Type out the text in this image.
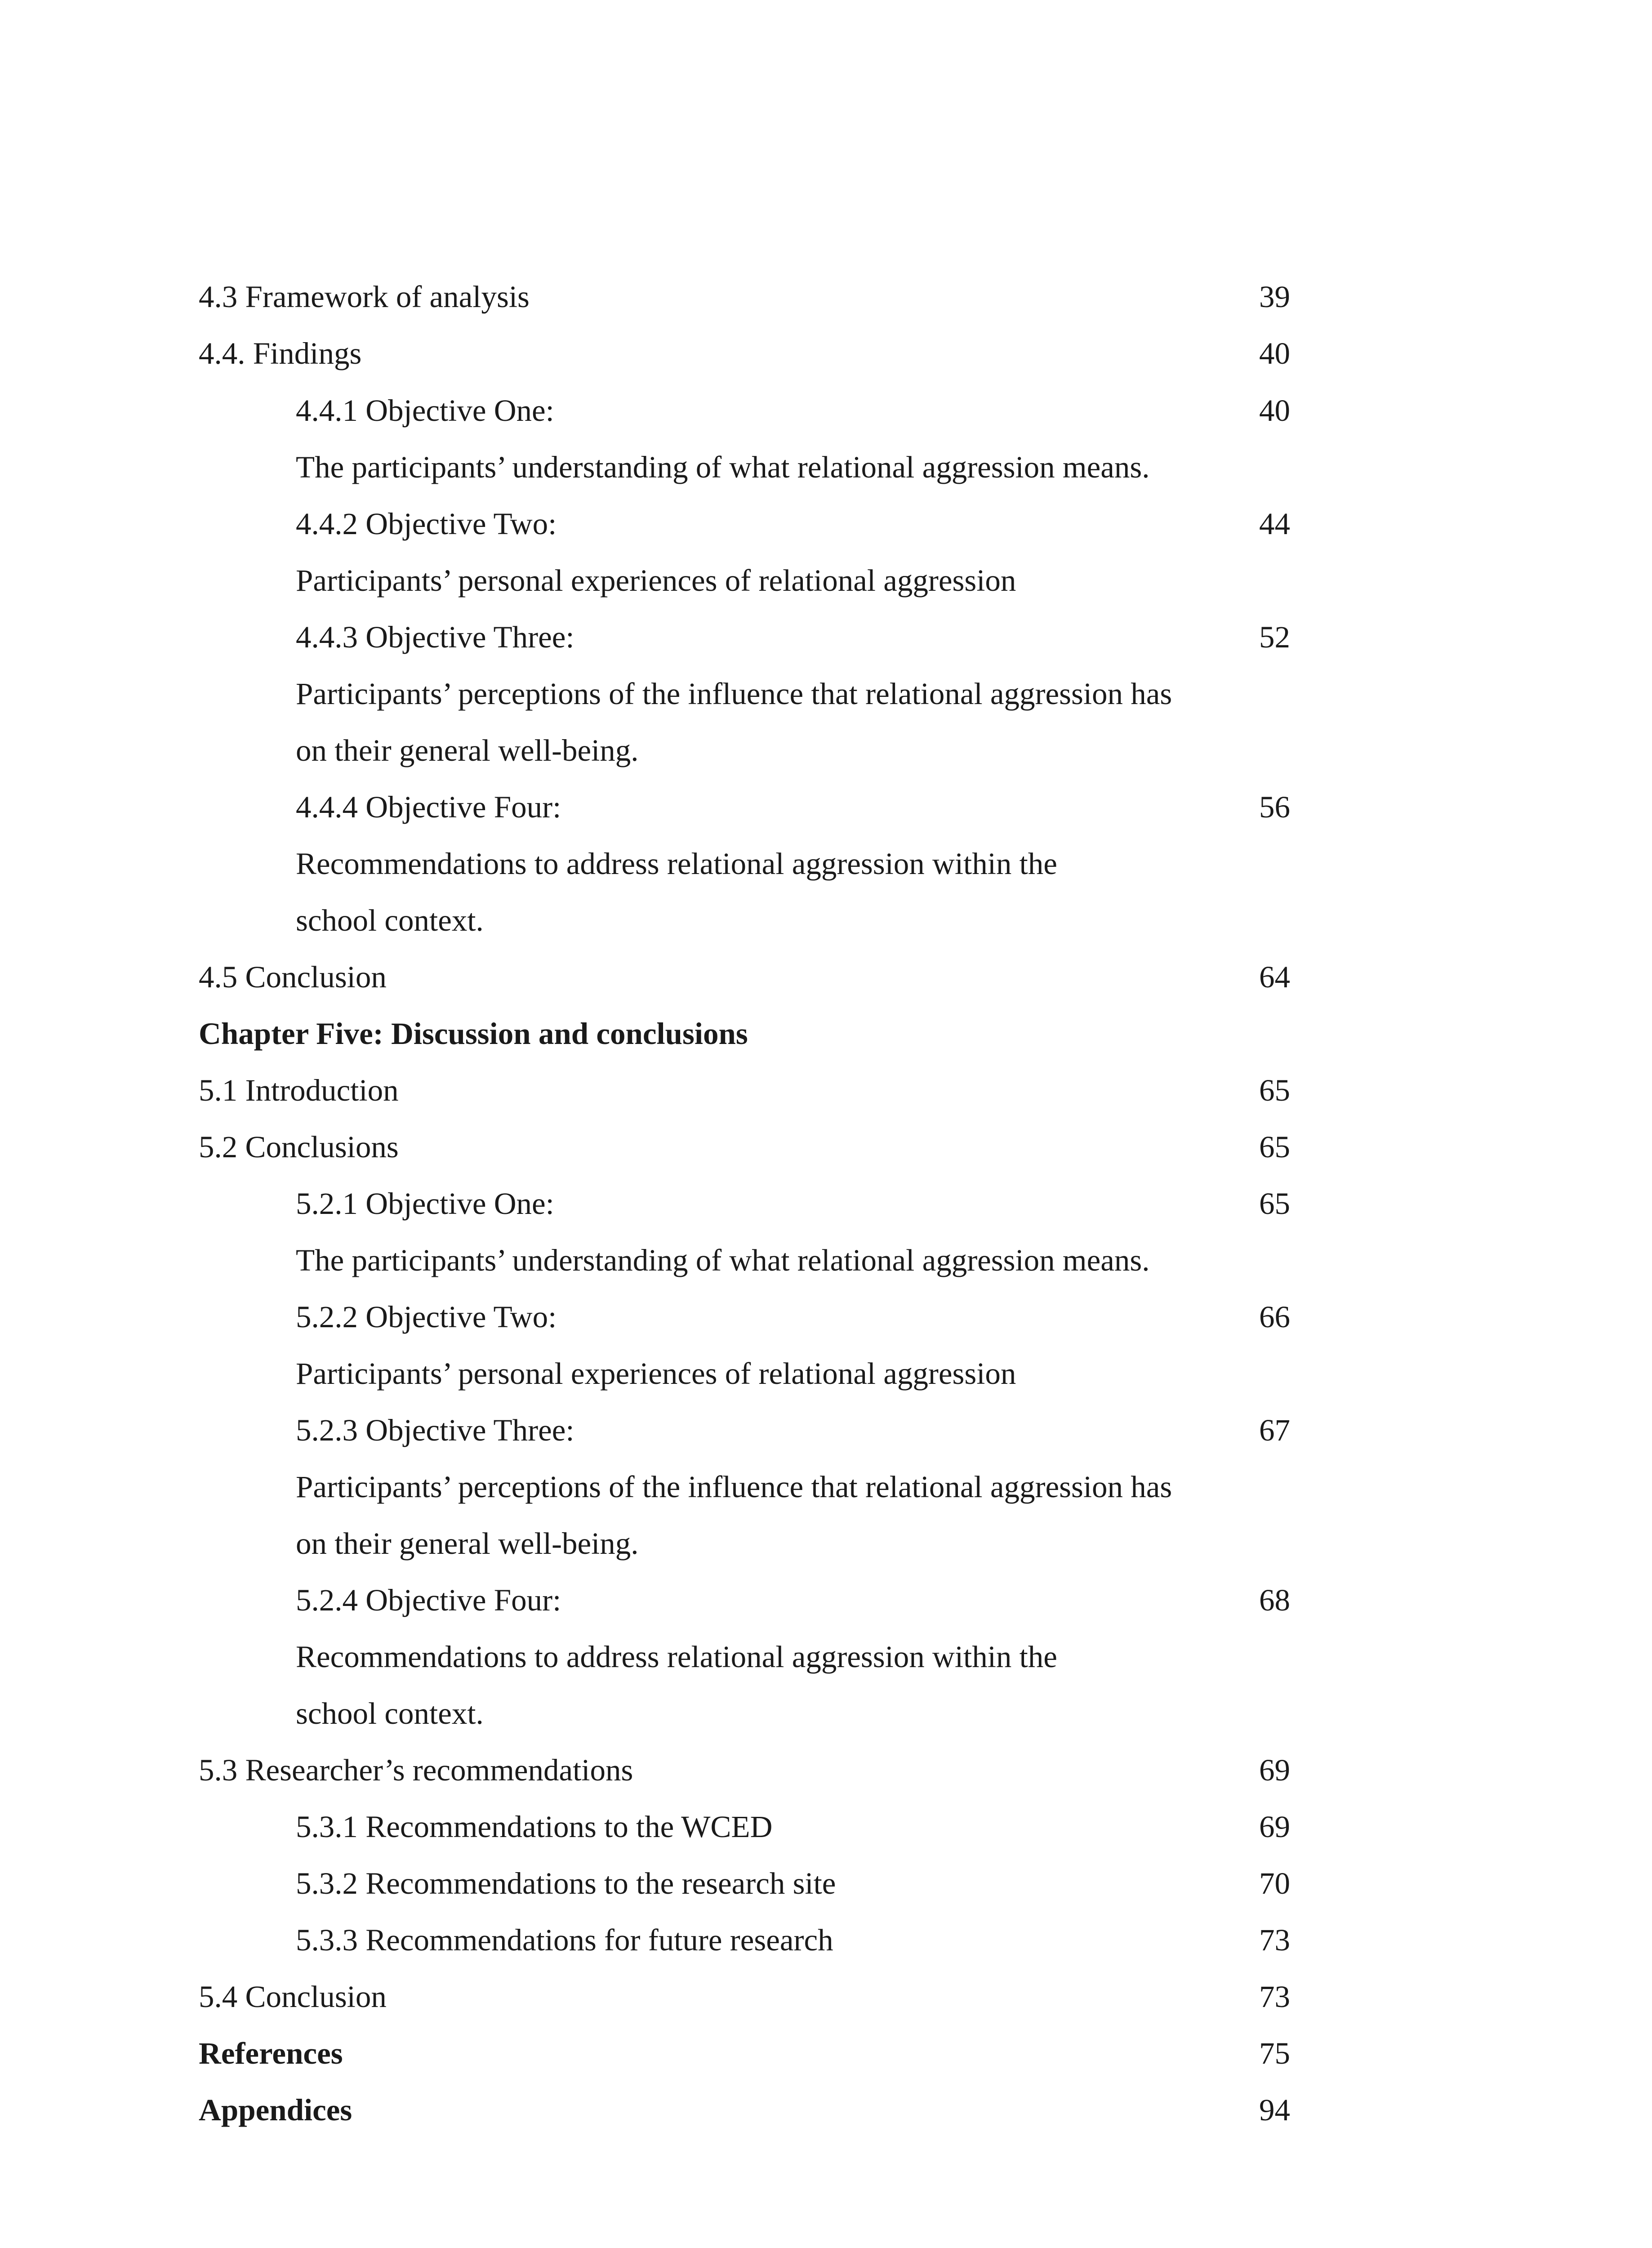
4.3 Framework of analysis	39
4.4. Findings	40
4.4.1 Objective One:	40
The participants’ understanding of what relational aggression means.
4.4.2 Objective Two:	44
Participants’ personal experiences of relational aggression
4.4.3 Objective Three:	52
Participants’ perceptions of the influence that relational aggression has
on their general well-being.
4.4.4 Objective Four:	56
Recommendations to address relational aggression within the
school context.
4.5 Conclusion	64
Chapter Five: Discussion and conclusions
5.1 Introduction	65
5.2 Conclusions	65
5.2.1 Objective One:	65
The participants’ understanding of what relational aggression means.
5.2.2 Objective Two:	66
Participants’ personal experiences of relational aggression
5.2.3 Objective Three:	67
Participants’ perceptions of the influence that relational aggression has
on their general well-being.
5.2.4 Objective Four:	68
Recommendations to address relational aggression within the
school context.
5.3 Researcher’s recommendations	69
5.3.1 Recommendations to the WCED	69
5.3.2 Recommendations to the research site	70
5.3.3 Recommendations for future research	73
5.4 Conclusion	73
References	75
Appendices	94
